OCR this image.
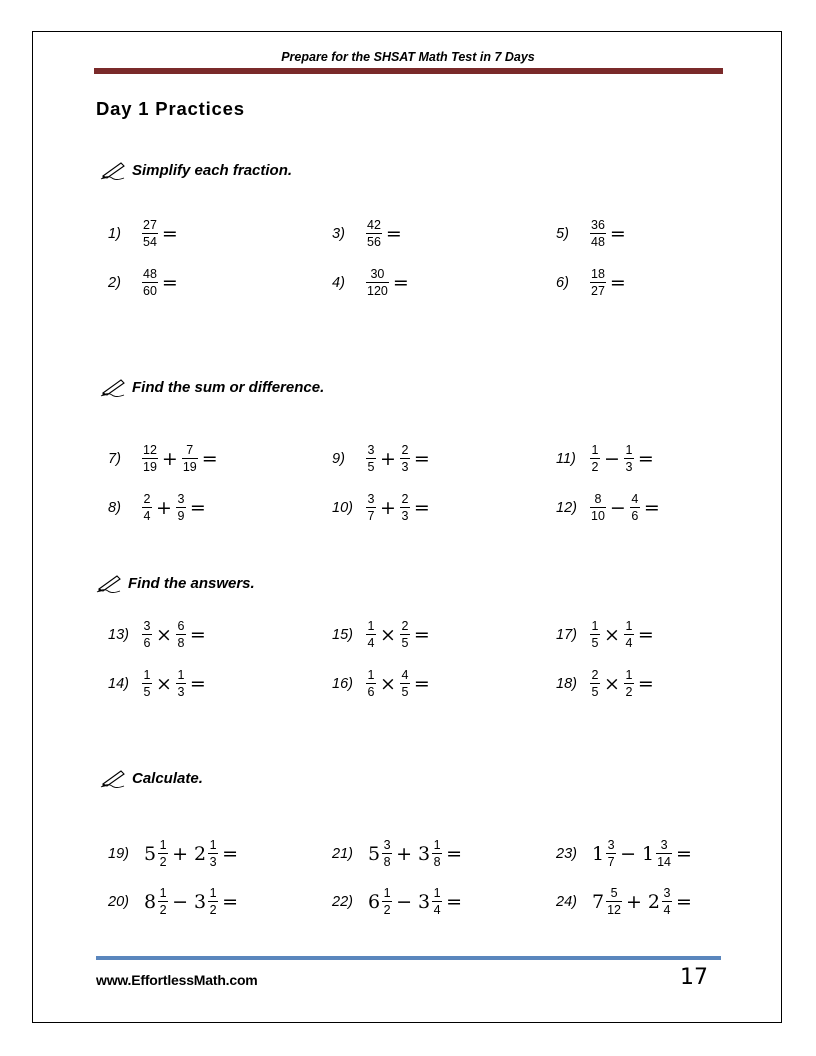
Prepare for the SHSAT Math Test in 7 Days
Day 1 Practices
Simplify each fraction.
1)	$\frac{27}{54}$ =
2)	$\frac{48}{60}$ =
3)	$\frac{42}{56}$ =
4)	$\frac{30}{120}$ =
5)	$\frac{36}{48}$ =
6)	$\frac{18}{27}$ =
Find the sum or difference.
7)	$\frac{12}{19} + \frac{7}{19}$ =
8)	$\frac{2}{4} + \frac{3}{9}$ =
9)	$\frac{3}{5} + \frac{2}{3}$ =
10)	$\frac{3}{7} + \frac{2}{3}$ =
11)	$\frac{1}{2} - \frac{1}{3}$ =
12)	$\frac{8}{10} - \frac{4}{6}$ =
Find the answers.
13)	$\frac{3}{6} \times \frac{6}{8}$ =
14)	$\frac{1}{5} \times \frac{1}{3}$ =
15)	$\frac{1}{4} \times \frac{2}{5}$ =
16)	$\frac{1}{6} \times \frac{4}{5}$ =
17)	$\frac{1}{5} \times \frac{1}{4}$ =
18)	$\frac{2}{5} \times \frac{1}{2}$ =
Calculate.
19) $5 \frac{1}{2} + 2 \frac{1}{3}$ =
20) $8 \frac{1}{2} - 3 \frac{1}{2}$ =
21) $5 \frac{3}{8} + 3 \frac{1}{8}$ =
22) $6 \frac{1}{2} - 3 \frac{1}{4}$ =
23) $1 \frac{3}{7} - 1 \frac{3}{14}$ =
24) $7 \frac{5}{12} + 2 \frac{3}{4}$ =
www.EffortlessMath.com	17
